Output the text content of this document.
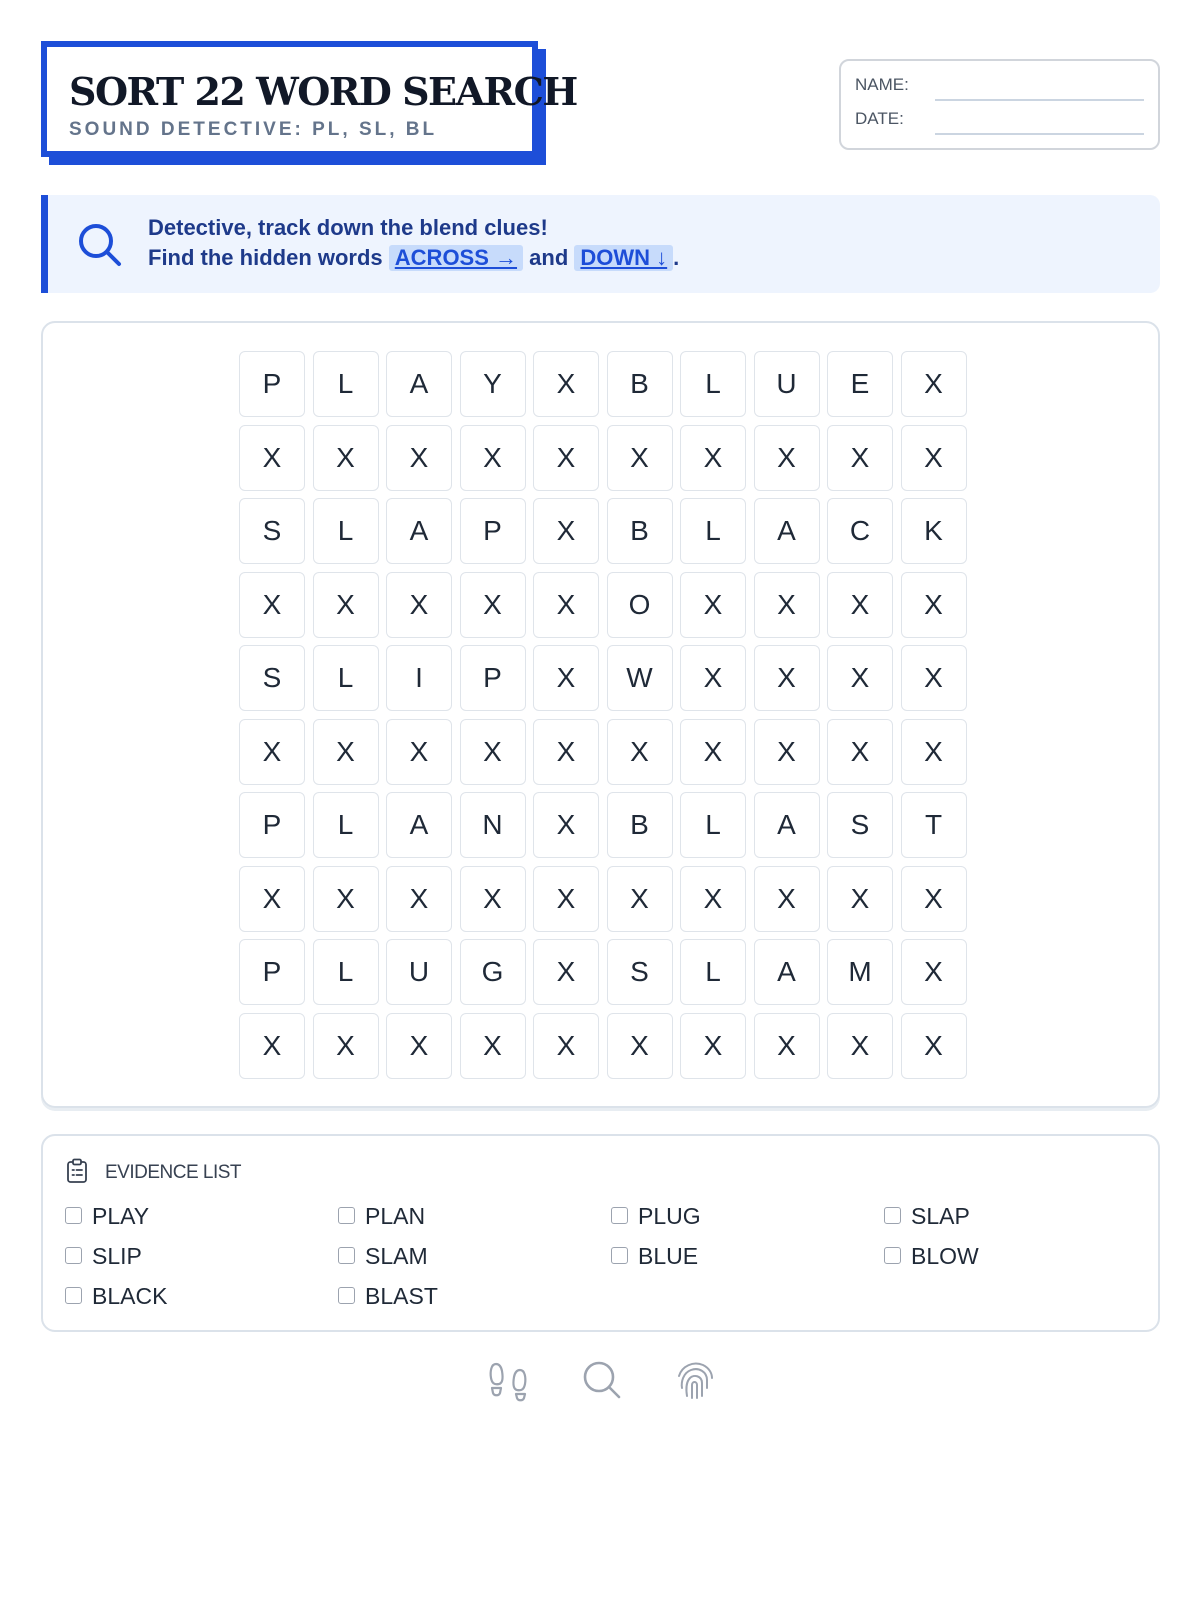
SORT 22 WORD SEARCH
SOUND DETECTIVE: PL, SL, BL
NAME:
DATE:
Detective, track down the blend clues!
Find the hidden words ACROSS → and DOWN ↓ .
P	L	A	Y	X	B	L	U	E	X
X	X	X	X	X	X	X	X	X	X
S	L	A	P	X	B	L	A	C	K
X	X	X	X	X	O	X	X	X	X
S	L	I	P	X	W	X	X	X	X
X	X	X	X	X	X	X	X	X	X
P	L	A	N	X	B	L	A	S	T
X	X	X	X	X	X	X	X	X	X
P	L	U	G	X	S	L	A	M	X
X	X	X	X	X	X	X	X	X	X
EVIDENCE LIST
PLAY	PLAN	PLUG	SLAP
SLIP	SLAM	BLUE	BLOW
BLACK	BLAST
